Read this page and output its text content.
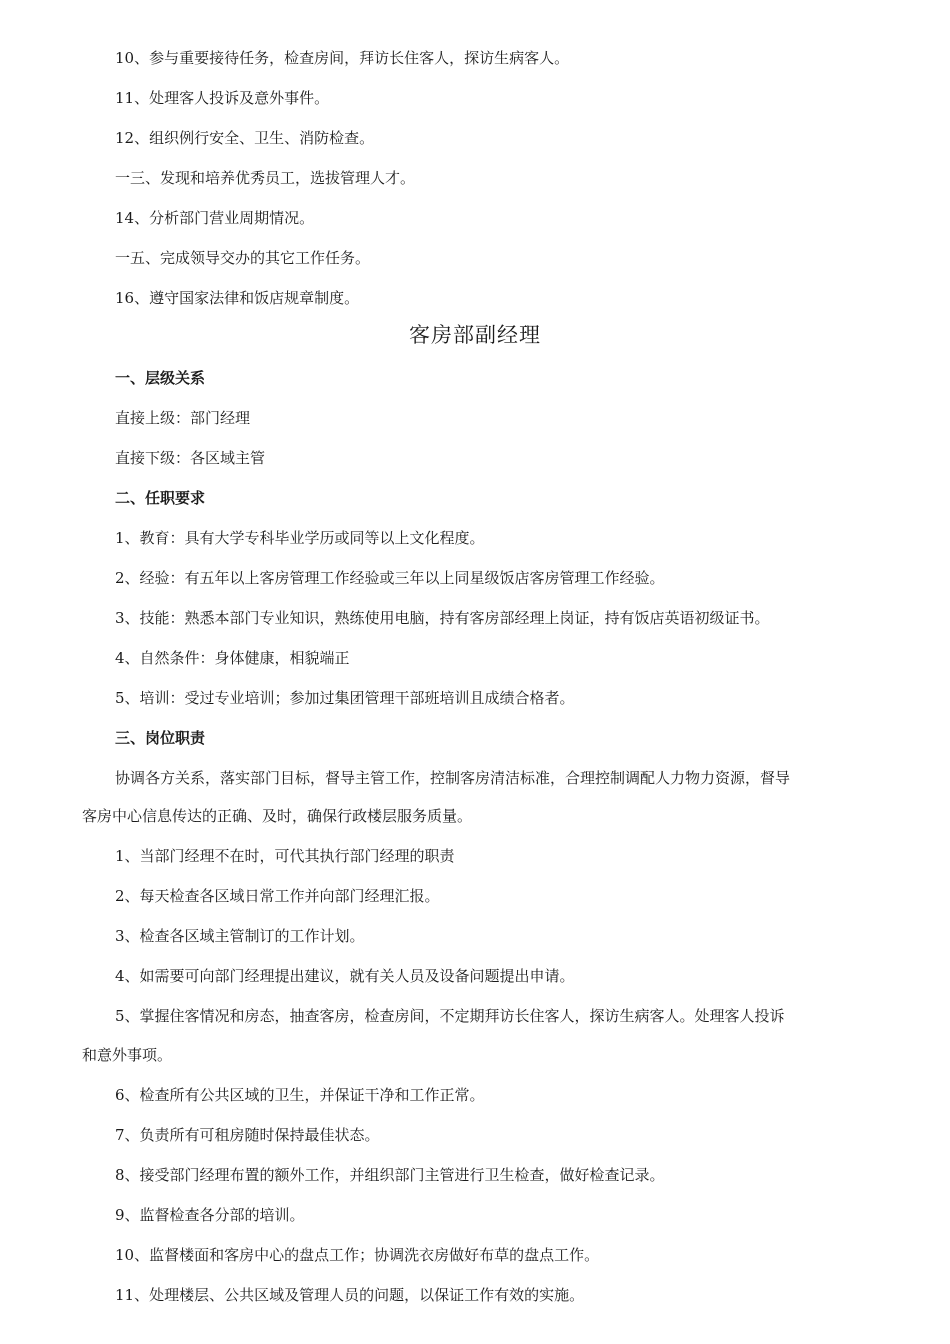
10、参与重要接待任务，检查房间，拜访长住客人，探访生病客人。
11、处理客人投诉及意外事件。
12、组织例行安全、卫生、消防检查。
一三、发现和培养优秀员工，选拔管理人才。
14、分析部门营业周期情况。
一五、完成领导交办的其它工作任务。
16、遵守国家法律和饭店规章制度。
客房部副经理
一、层级关系
直接上级：部门经理
直接下级：各区域主管
二、任职要求
1、教育：具有大学专科毕业学历或同等以上文化程度。
2、经验：有五年以上客房管理工作经验或三年以上同星级饭店客房管理工作经验。
3、技能：熟悉本部门专业知识，熟练使用电脑，持有客房部经理上岗证，持有饭店英语初级证书。
4、自然条件：身体健康，相貌端正
5、培训：受过专业培训；参加过集团管理干部班培训且成绩合格者。
三、岗位职责
协调各方关系，落实部门目标，督导主管工作，控制客房清洁标准，合理控制调配人力物力资源，督导
客房中心信息传达的正确、及时，确保行政楼层服务质量。
1、当部门经理不在时，可代其执行部门经理的职责
2、每天检查各区域日常工作并向部门经理汇报。
3、检查各区域主管制订的工作计划。
4、如需要可向部门经理提出建议，就有关人员及设备问题提出申请。
5、掌握住客情况和房态，抽查客房，检查房间，不定期拜访长住客人，探访生病客人。处理客人投诉
和意外事项。
6、检查所有公共区域的卫生，并保证干净和工作正常。
7、负责所有可租房随时保持最佳状态。
8、接受部门经理布置的额外工作，并组织部门主管进行卫生检查，做好检查记录。
9、监督检查各分部的培训。
10、监督楼面和客房中心的盘点工作；协调洗衣房做好布草的盘点工作。
11、处理楼层、公共区域及管理人员的问题，以保证工作有效的实施。
